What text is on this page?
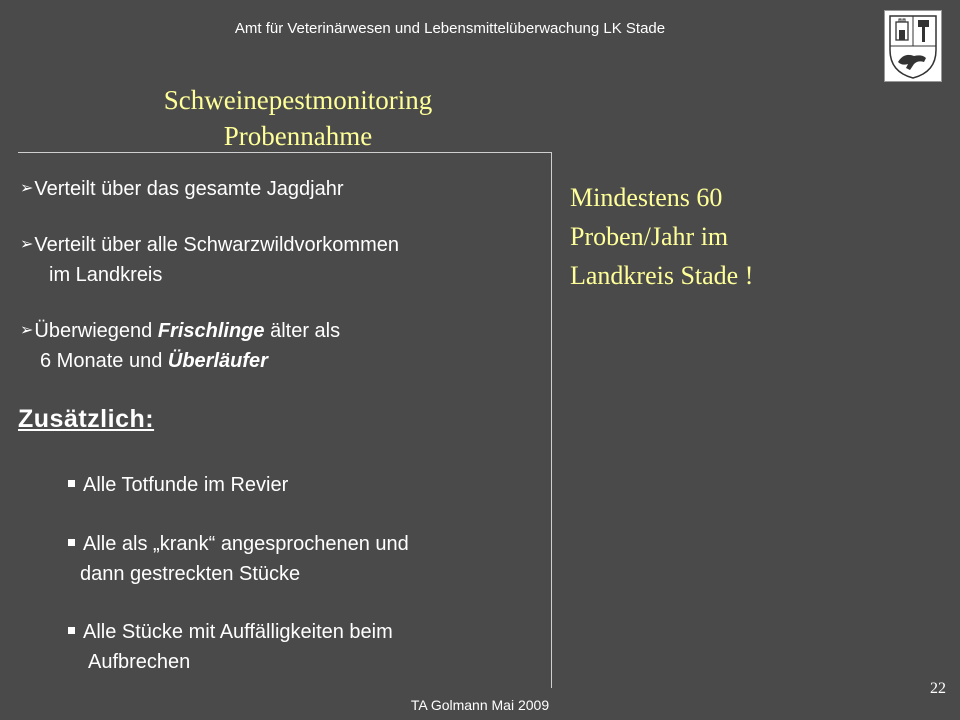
Amt für Veterinärwesen und Lebensmittelüberwachung LK Stade
Schweinepestmonitoring
Probennahme
➢Verteilt über das gesamte Jagdjahr
➢Verteilt über alle Schwarzwildvorkommen
im Landkreis
➢Überwiegend Frischlinge älter als
6 Monate und Überläufer
Zusätzlich:
Alle Totfunde im Revier
Alle als „krank“ angesprochenen und
dann gestreckten Stücke
Alle Stücke mit Auffälligkeiten beim
Aufbrechen
Mindestens 60
Proben/Jahr im
Landkreis Stade !
TA Golmann Mai 2009
22
